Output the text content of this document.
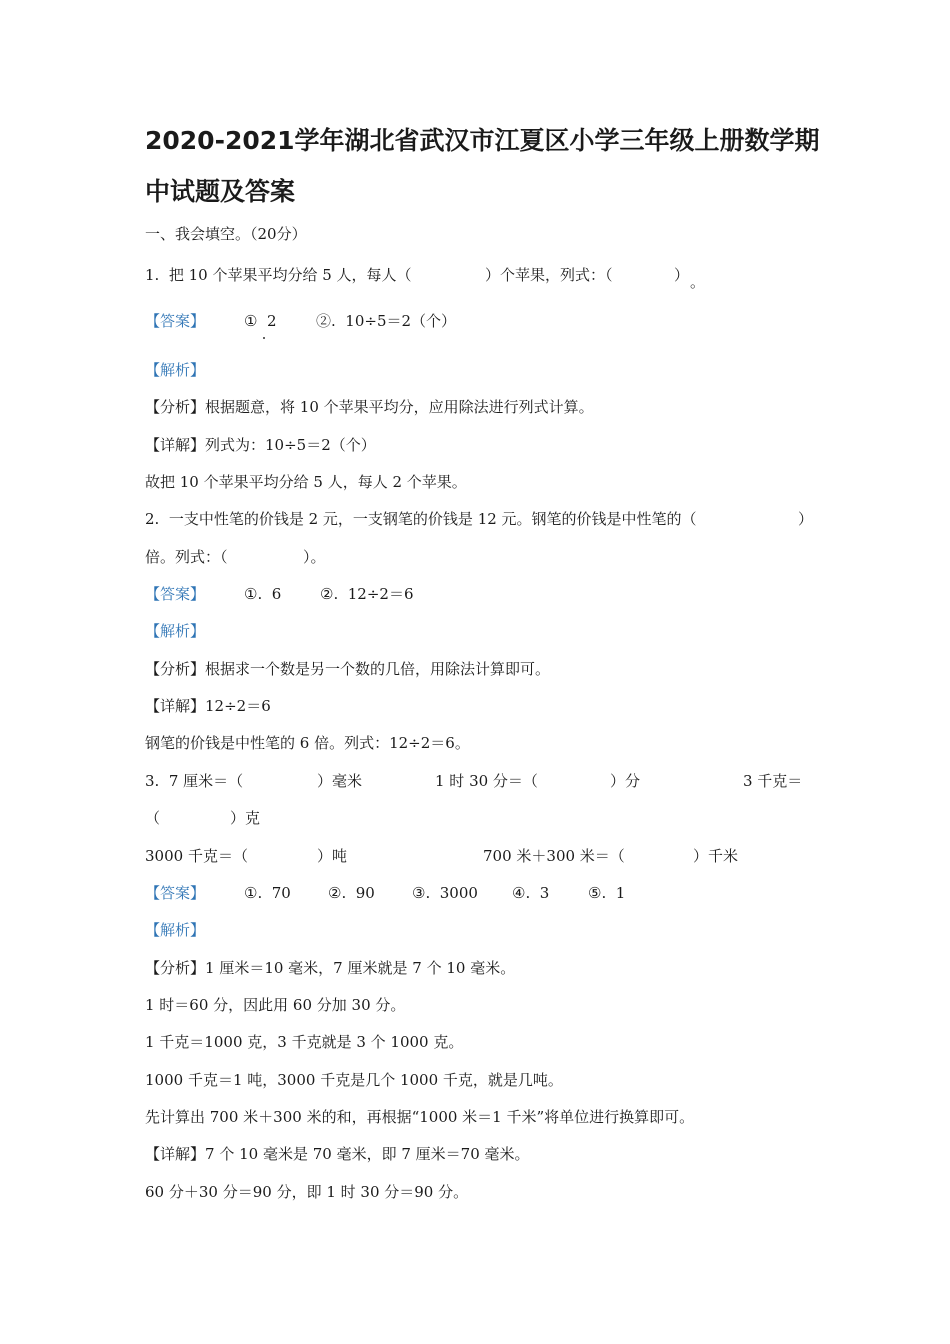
2020-2021学年湖北省武汉市江夏区小学三年级上册数学期
中试题及答案
一、我会填空。（20分）
1.  把 10 个苹果平均分给 5 人，每人（	）个苹果，列式：（	） 。
【答案】	①  2	②.  10÷5＝2（个）
【解析】
【分析】根据题意，将 10 个苹果平均分，应用除法进行列式计算。
【详解】列式为：10÷5＝2（个）
故把 10 个苹果平均分给 5 人，每人 2 个苹果。
2.  一支中性笔的价钱是 2 元，一支钢笔的价钱是 12 元。钢笔的价钱是中性笔的（	）
倍。列式：（	）。
【答案】	①.  6	②.  12÷2＝6
【解析】
【分析】根据求一个数是另一个数的几倍，用除法计算即可。
【详解】12÷2＝6
钢笔的价钱是中性笔的 6 倍。列式：12÷2＝6。
3.  7 厘米＝（	）毫米	1 时 30 分＝（	）分	3 千克＝
（	）克
3000 千克＝（	）吨	700 米＋300 米＝（	）千米
【答案】	①.  70 ②.  90 ③.  3000 ④.  3	⑤.  1
【解析】
【分析】1 厘米＝10 毫米，7 厘米就是 7 个 10 毫米。
1 时＝60 分，因此用 60 分加 30 分。
1 千克＝1000 克，3 千克就是 3 个 1000 克。
1000 千克＝1 吨，3000 千克是几个 1000 千克，就是几吨。
先计算出 700 米＋300 米的和，再根据“1000 米＝1 千米”将单位进行换算即可。
【详解】7 个 10 毫米是 70 毫米，即 7 厘米＝70 毫米。
60 分＋30 分＝90 分，即 1 时 30 分＝90 分。
